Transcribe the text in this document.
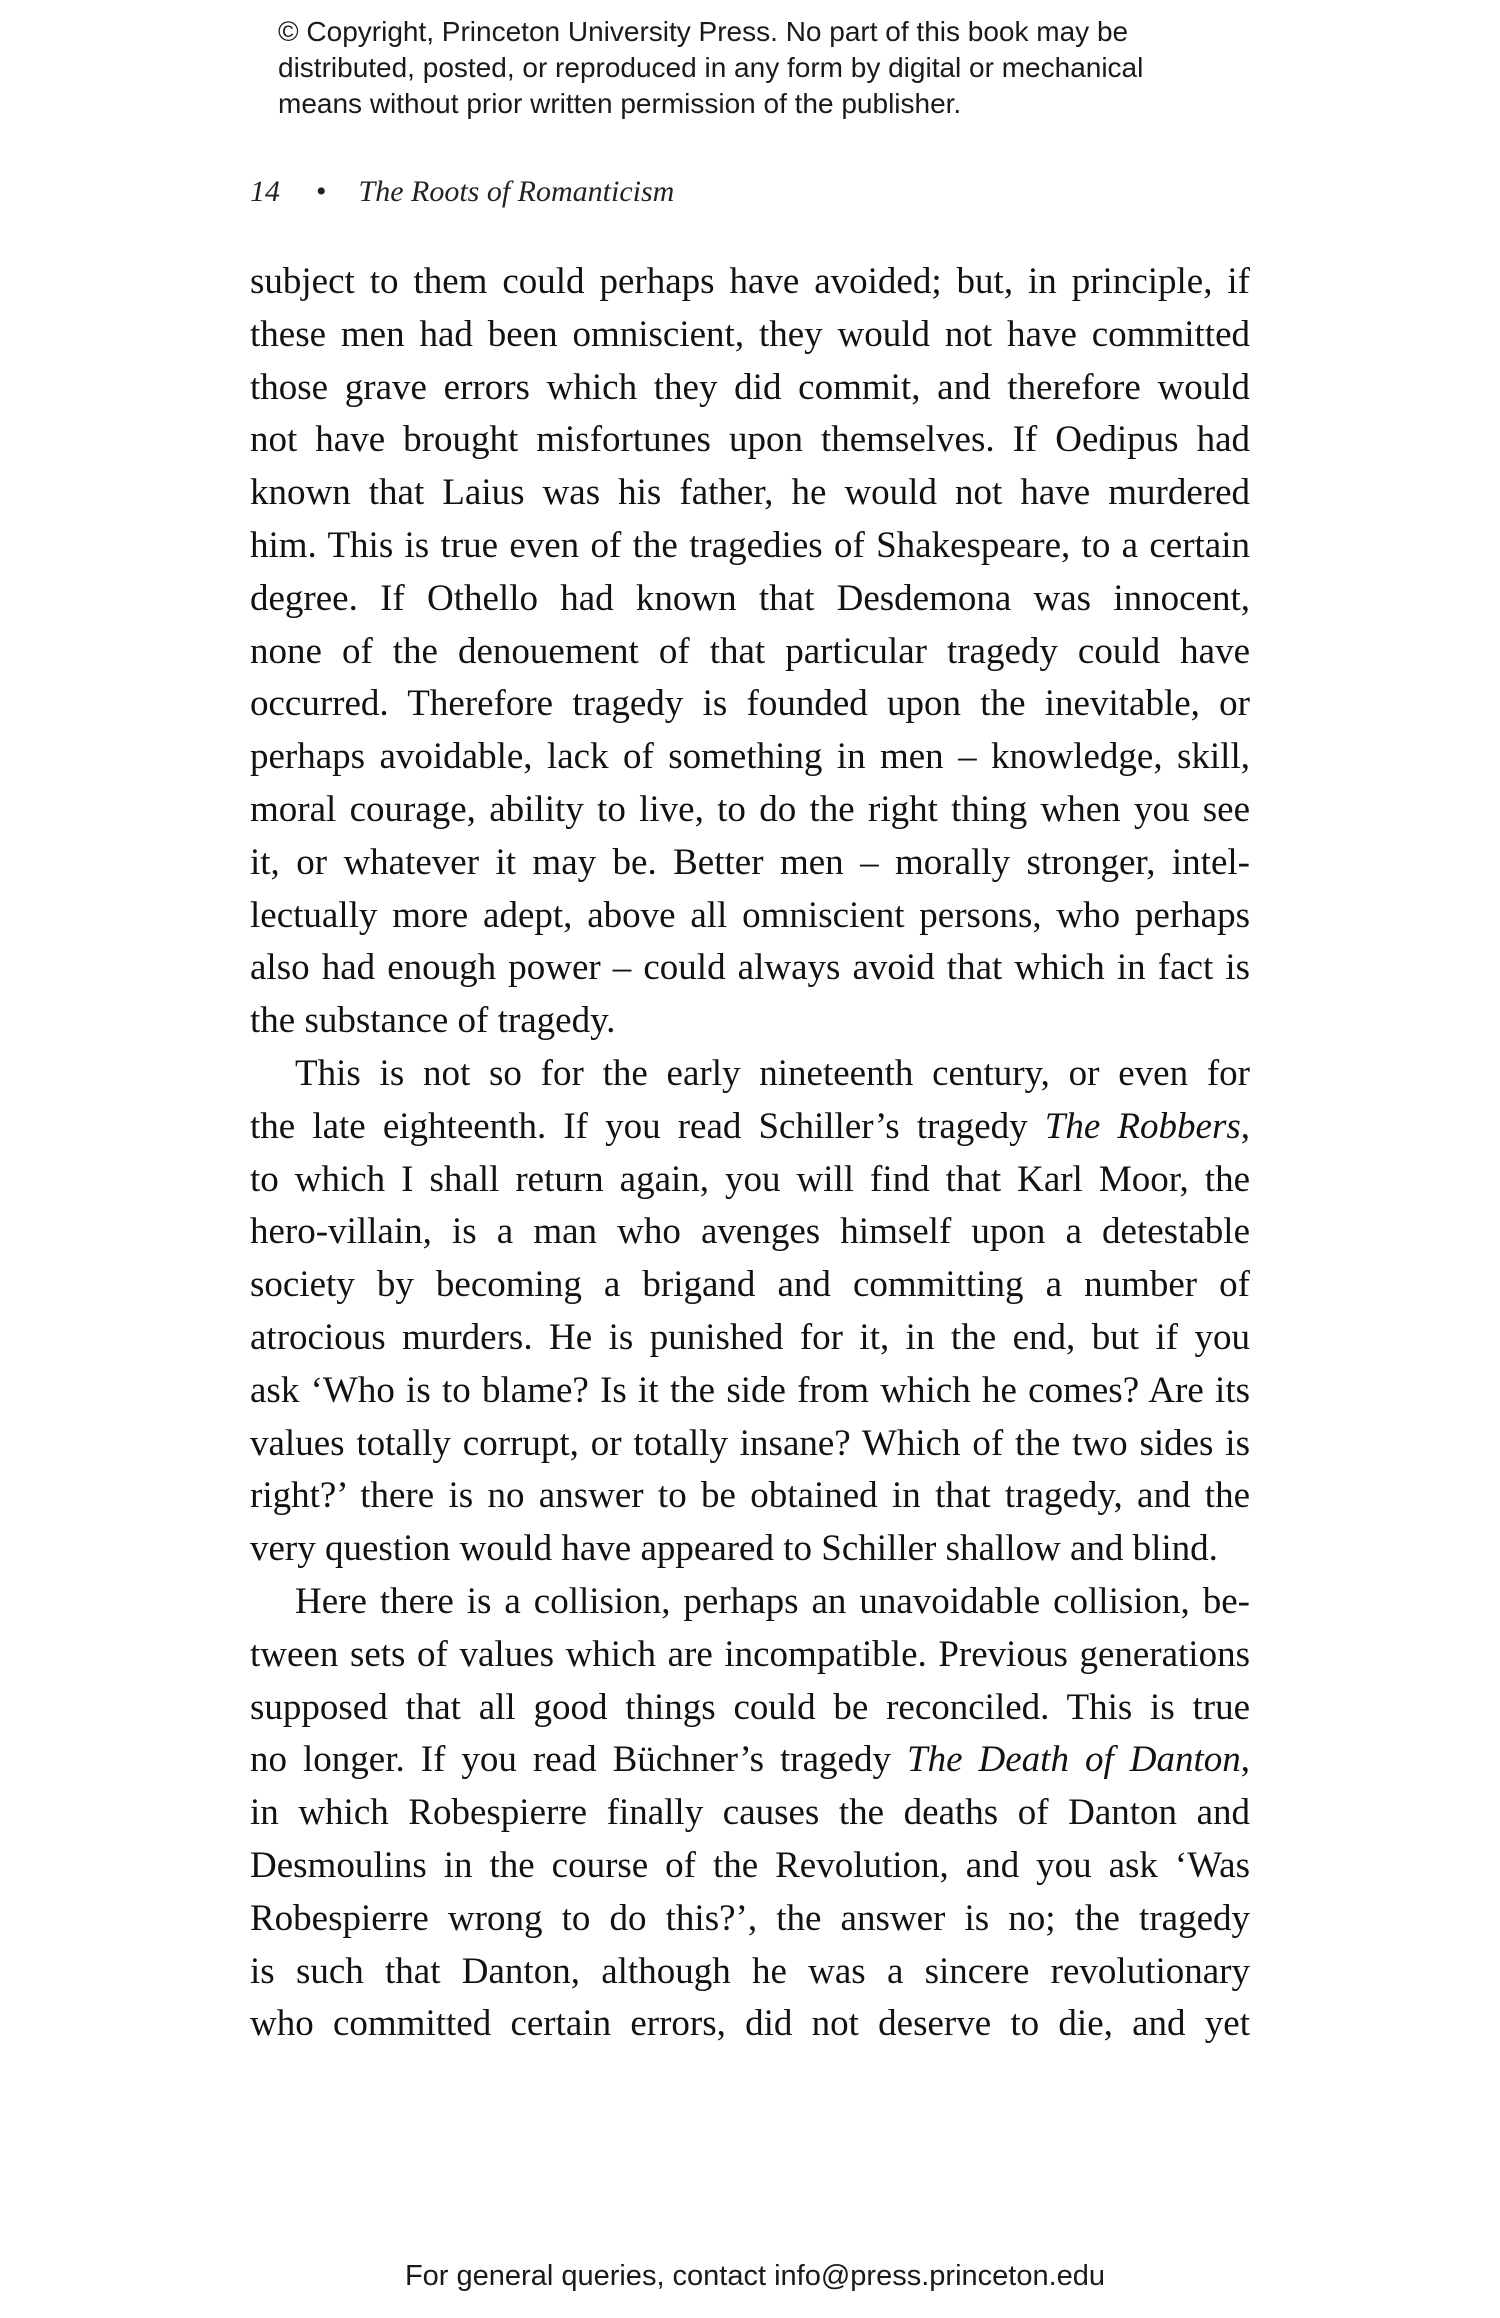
© Copyright, Princeton University Press. No part of this book may be
distributed, posted, or reproduced in any form by digital or mechanical
means without prior written permission of the publisher.
14 • The Roots of Romanticism
subject to them could perhaps have avoided; but, in principle, if
these men had been omniscient, they would not have committed
those grave errors which they did commit, and therefore would
not have brought misfortunes upon themselves. If Oedipus had
known that Laius was his father, he would not have murdered
him. This is true even of the tragedies of Shakespeare, to a certain
degree. If Othello had known that Desdemona was innocent,
none of the denouement of that particular tragedy could have
occurred. Therefore tragedy is founded upon the inevitable, or
perhaps avoidable, lack of something in men – knowledge, skill,
moral courage, ability to live, to do the right thing when you see
it, or whatever it may be. Better men – morally stronger, intel-
lectually more adept, above all omniscient persons, who perhaps
also had enough power – could always avoid that which in fact is
the substance of tragedy.
This is not so for the early nineteenth century, or even for
the late eighteenth. If you read Schiller’s tragedy The Robbers,
to which I shall return again, you will find that Karl Moor, the
hero-villain, is a man who avenges himself upon a detestable
society by becoming a brigand and committing a number of
atrocious murders. He is punished for it, in the end, but if you
ask ‘Who is to blame? Is it the side from which he comes? Are its
values totally corrupt, or totally insane? Which of the two sides is
right?’ there is no answer to be obtained in that tragedy, and the
very question would have appeared to Schiller shallow and blind.
Here there is a collision, perhaps an unavoidable collision, be-
tween sets of values which are incompatible. Previous generations
supposed that all good things could be reconciled. This is true
no longer. If you read Büchner’s tragedy The Death of Danton,
in which Robespierre finally causes the deaths of Danton and
Desmoulins in the course of the Revolution, and you ask ‘Was
Robespierre wrong to do this?’, the answer is no; the tragedy
is such that Danton, although he was a sincere revolutionary
who committed certain errors, did not deserve to die, and yet
For general queries, contact info@press.princeton.edu
